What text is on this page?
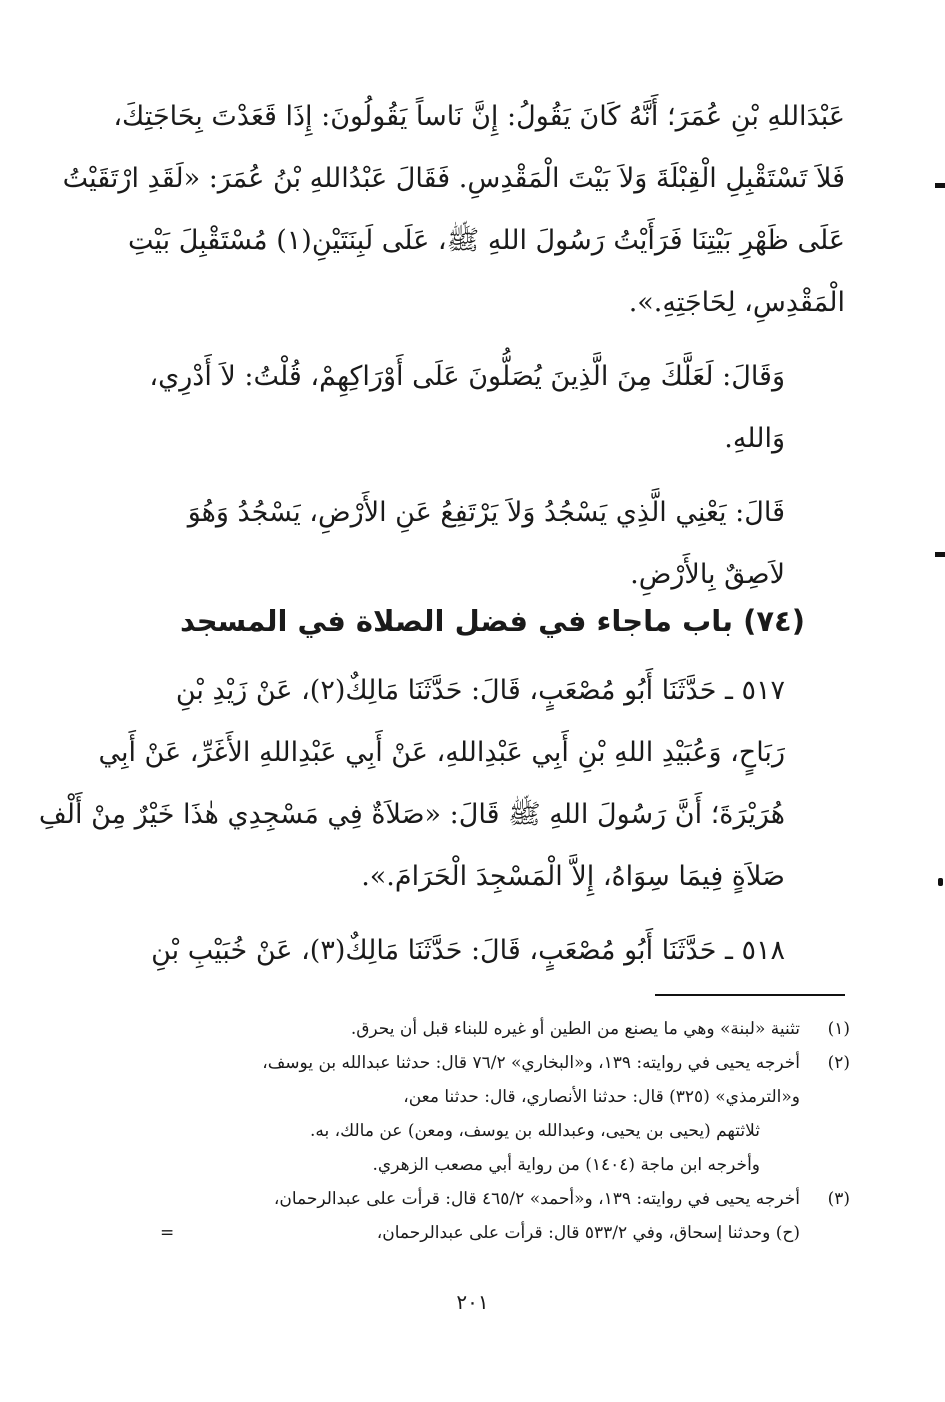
عَبْدَاللهِ بْنِ عُمَرَ؛ أَنَّهُ كَانَ يَقُولُ: إِنَّ نَاساً يَقُولُونَ: إِذَا قَعَدْتَ بِحَاجَتِكَ،
فَلاَ تَسْتَقْبِلِ الْقِبْلَةَ وَلاَ بَيْتَ الْمَقْدِسِ. فَقَالَ عَبْدُاللهِ بْنُ عُمَرَ: «لَقَدِ ارْتَقَيْتُ
عَلَى ظَهْرِ بَيْتِنَا فَرَأَيْتُ رَسُولَ اللهِ ﷺ، عَلَى لَبِنَتَيْنِ(١) مُسْتَقْبِلَ بَيْتِ
الْمَقْدِسِ، لِحَاجَتِهِ.».

وَقَالَ: لَعَلَّكَ مِنَ الَّذِينَ يُصَلُّونَ عَلَى أَوْرَاكِهِمْ، قُلْتُ: لاَ أَدْرِي،
وَاللهِ.

قَالَ: يَعْنِي الَّذِي يَسْجُدُ وَلاَ يَرْتَفِعُ عَنِ الأَرْضِ، يَسْجُدُ وَهُوَ
لاَصِقٌ بِالأَرْضِ.

(٧٤) باب ماجاء في فضل الصلاة في المسجد

٥١٧ ـ حَدَّثَنَا أَبُو مُصْعَبٍ، قَالَ: حَدَّثَنَا مَالِكٌ(٢)، عَنْ زَيْدِ بْنِ
رَبَاحٍ، وَعُبَيْدِ اللهِ بْنِ أَبِي عَبْدِاللهِ، عَنْ أَبِي عَبْدِاللهِ الأَغَرِّ، عَنْ أَبِي
هُرَيْرَةَ؛ أَنَّ رَسُولَ اللهِ ﷺ قَالَ: «صَلاَةٌ فِي مَسْجِدِي هٰذَا خَيْرٌ مِنْ أَلْفِ
صَلاَةٍ فِيمَا سِوَاهُ، إِلاَّ الْمَسْجِدَ الْحَرَامَ.».

٥١٨ ـ حَدَّثَنَا أَبُو مُصْعَبٍ، قَالَ: حَدَّثَنَا مَالِكٌ(٣)، عَنْ خُبَيْبِ بْنِ

(١)
تثنية «لبنة» وهي ما يصنع من الطين أو غيره للبناء قبل أن يحرق.
(٢)
أخرجه يحيى في روايته: ١٣٩، و«البخاري» ٧٦/٢ قال: حدثنا عبدالله بن يوسف،
و«الترمذي» (٣٢٥) قال: حدثنا الأنصاري، قال: حدثنا معن،
ثلاثتهم (يحيى بن يحيى، وعبدالله بن يوسف، ومعن) عن مالك، به.
وأخرجه ابن ماجة (١٤٠٤) من رواية أبي مصعب الزهري.
(٣)
أخرجه يحيى في روايته: ١٣٩، و«أحمد» ٤٦٥/٢ قال: قرأت على عبدالرحمان،
=	(ح) وحدثنا إسحاق، وفي ٥٣٣/٢ قال: قرأت على عبدالرحمان،
٢٠١
